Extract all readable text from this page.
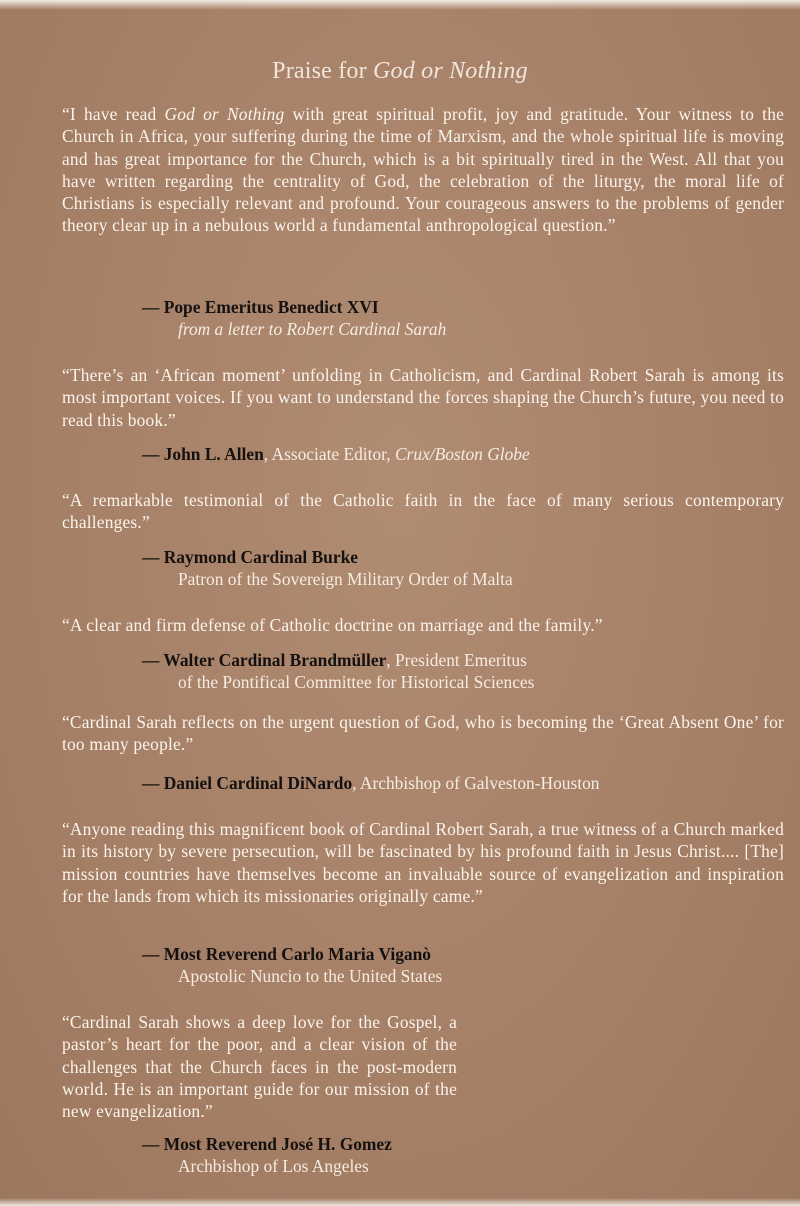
Praise for God or Nothing
“I have read God or Nothing with great spiritual profit, joy and gratitude. Your witness to the Church in Africa, your suffering during the time of Marxism, and the whole spiritual life is moving and has great importance for the Church, which is a bit spiritually tired in the West. All that you have written regarding the centrality of God, the celebration of the liturgy, the moral life of Christians is especially relevant and profound. Your courageous answers to the problems of gender theory clear up in a nebulous world a fundamental anthropological question.”
— Pope Emeritus Benedict XVI
from a letter to Robert Cardinal Sarah
“There’s an ‘African moment’ unfolding in Catholicism, and Cardinal Robert Sarah is among its most important voices. If you want to understand the forces shaping the Church’s future, you need to read this book.”
— John L. Allen, Associate Editor, Crux/Boston Globe
“A remarkable testimonial of the Catholic faith in the face of many serious contemporary challenges.”
— Raymond Cardinal Burke
Patron of the Sovereign Military Order of Malta
“A clear and firm defense of Catholic doctrine on marriage and the family.”
— Walter Cardinal Brandmüller, President Emeritus
of the Pontifical Committee for Historical Sciences
“Cardinal Sarah reflects on the urgent question of God, who is becoming the ‘Great Absent One’ for too many people.”
— Daniel Cardinal DiNardo, Archbishop of Galveston-Houston
“Anyone reading this magnificent book of Cardinal Robert Sarah, a true witness of a Church marked in its history by severe persecution, will be fascinated by his profound faith in Jesus Christ.... [The] mission countries have themselves become an invaluable source of evangelization and inspiration for the lands from which its missionaries originally came.”
— Most Reverend Carlo Maria Viganò
Apostolic Nuncio to the United States
“Cardinal Sarah shows a deep love for the Gospel, a pastor’s heart for the poor, and a clear vision of the challenges that the Church faces in the post-modern world. He is an important guide for our mission of the new evangelization.”
— Most Reverend José H. Gomez
Archbishop of Los Angeles
